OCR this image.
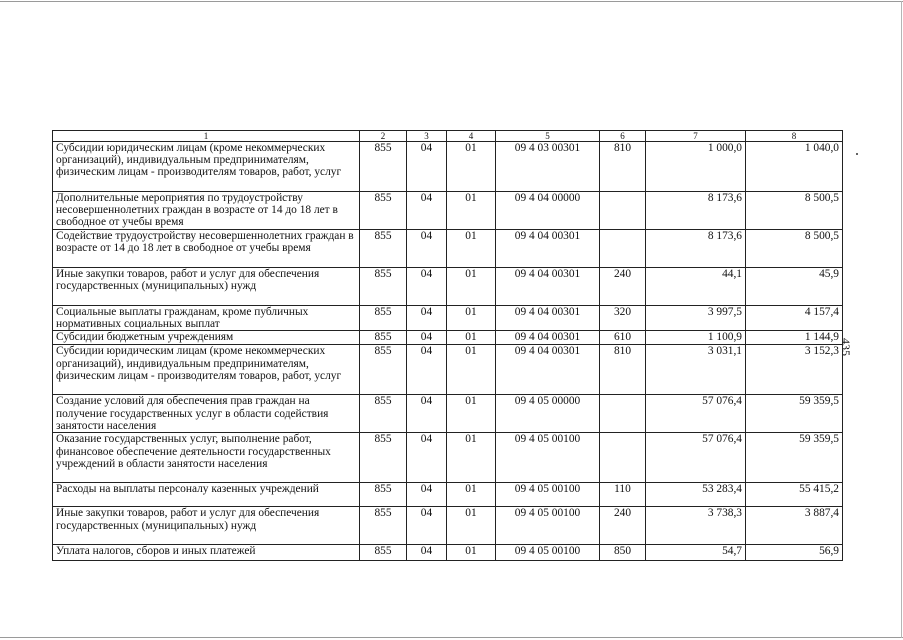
435
1	2	3	4	5	6	7	8
Субсидии юридическим лицам (кроме некоммерческих организаций), индивидуальным предпринимателям, физическим лицам - производителям товаров, работ, услуг	855	04	01	09 4 03 00301	810	1 000,0	1 040,0
Дополнительные мероприятия по трудоустройству несовершеннолетних граждан в возрасте от 14 до 18 лет в свободное от учебы время	855	04	01	09 4 04 00000		8 173,6	8 500,5
Содействие трудоустройству несовершеннолетних граждан в возрасте от 14 до 18 лет в свободное от учебы время	855	04	01	09 4 04 00301		8 173,6	8 500,5
Иные закупки товаров, работ и услуг для обеспечения государственных (муниципальных) нужд	855	04	01	09 4 04 00301	240	44,1	45,9
Социальные выплаты гражданам, кроме публичных нормативных социальных выплат	855	04	01	09 4 04 00301	320	3 997,5	4 157,4
Субсидии бюджетным учреждениям	855	04	01	09 4 04 00301	610	1 100,9	1 144,9
Субсидии юридическим лицам (кроме некоммерческих организаций), индивидуальным предпринимателям, физическим лицам - производителям товаров, работ, услуг	855	04	01	09 4 04 00301	810	3 031,1	3 152,3
Создание условий для обеспечения прав граждан на получение государственных услуг в области содействия занятости населения	855	04	01	09 4 05 00000		57 076,4	59 359,5
Оказание государственных услуг, выполнение работ, финансовое обеспечение деятельности государственных учреждений в области занятости населения	855	04	01	09 4 05 00100		57 076,4	59 359,5
Расходы на выплаты персоналу казенных учреждений	855	04	01	09 4 05 00100	110	53 283,4	55 415,2
Иные закупки товаров, работ и услуг для обеспечения государственных (муниципальных) нужд	855	04	01	09 4 05 00100	240	3 738,3	3 887,4
Уплата налогов, сборов и иных платежей	855	04	01	09 4 05 00100	850	54,7	56,9
